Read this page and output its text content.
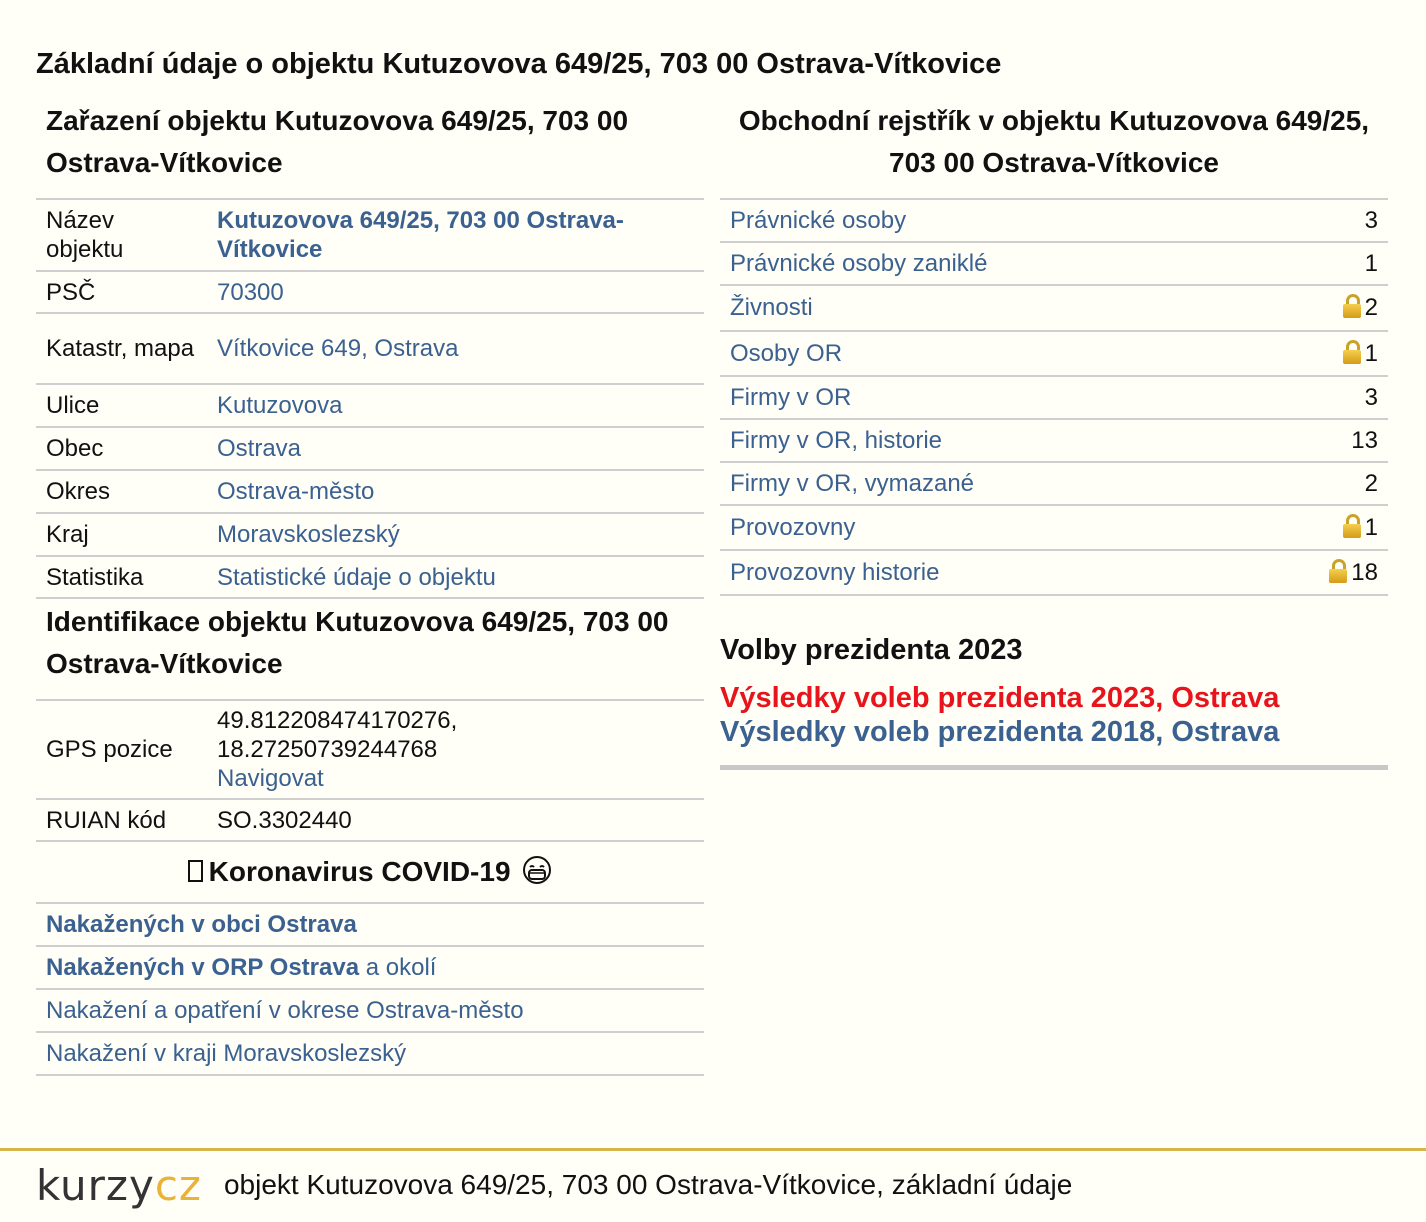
Základní údaje o objektu Kutuzovova 649/25, 703 00 Ostrava-Vítkovice
Zařazení objektu Kutuzovova 649/25, 703 00 Ostrava-Vítkovice
Název objektu	Kutuzovova 649/25, 703 00 Ostrava-Vítkovice
PSČ	70300
Katastr, mapa	Vítkovice 649, Ostrava
Ulice	Kutuzovova
Obec	Ostrava
Okres	Ostrava-město
Kraj	Moravskoslezský
Statistika	Statistické údaje o objektu
Identifikace objektu Kutuzovova 649/25, 703 00 Ostrava-Vítkovice
GPS pozice	49.812208474170276,
18.27250739244768
Navigovat
RUIAN kód	SO.3302440
Koronavirus COVID-19
Nakažených v obci Ostrava
Nakažených v ORP Ostrava a okolí
Nakažení a opatření v okrese Ostrava-město
Nakažení v kraji Moravskoslezský
Obchodní rejstřík v objektu Kutuzovova 649/25, 703 00 Ostrava-Vítkovice
Právnické osoby	3
Právnické osoby zaniklé	1
Živnosti	2
Osoby OR	1
Firmy v OR	3
Firmy v OR, historie	13
Firmy v OR, vymazané	2
Provozovny	1
Provozovny historie	18
Volby prezidenta 2023
Výsledky voleb prezidenta 2023, Ostrava
Výsledky voleb prezidenta 2018, Ostrava
kurzycz objekt Kutuzovova 649/25, 703 00 Ostrava-Vítkovice, základní údaje
